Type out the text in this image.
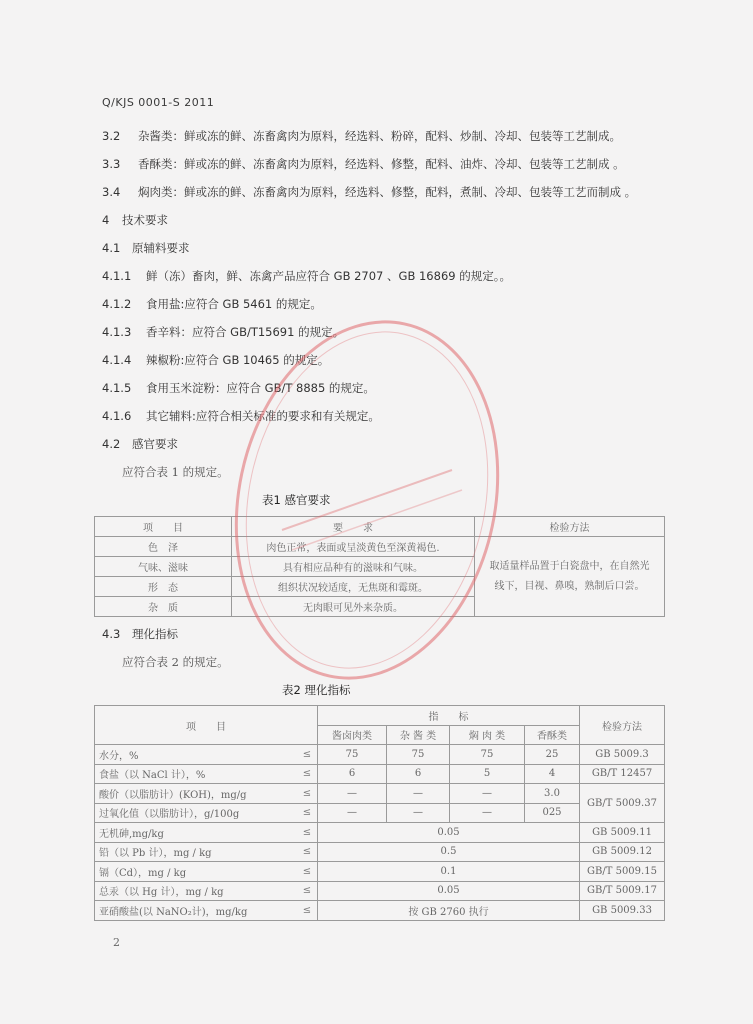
Q/KJS 0001-S 2011
3.2 杂酱类：鲜或冻的鲜、冻畜禽肉为原料，经选料、粉碎，配料、炒制、冷却、包装等工艺制成。
3.3 香酥类：鲜或冻的鲜、冻畜禽肉为原料，经选料、修整，配料、油炸、冷却、包装等工艺制成 。
3.4 焖肉类：鲜或冻的鲜、冻畜禽肉为原料，经选料、修整，配料，煮制、冷却、包装等工艺而制成 。
4 技术要求
4.1 原辅料要求
4.1.1 鲜（冻）畜肉，鲜、冻禽产品应符合 GB 2707 、GB 16869 的规定。。
4.1.2 食用盐:应符合 GB 5461 的规定。
4.1.3 香辛料：应符合 GB/T15691 的规定。
4.1.4 辣椒粉:应符合 GB 10465 的规定。
4.1.5 食用玉米淀粉：应符合 GB/T 8885 的规定。
4.1.6 其它辅料:应符合相关标准的要求和有关规定。
4.2 感官要求
应符合表 1 的规定。
表1 感官要求
项　　目	要　　求	检验方法
色　泽	肉色正常，表面或呈淡黄色至深黄褐色.	取适量样品置于白瓷盘中，在自然光线下，目视、鼻嗅，熟制后口尝。
气味、滋味	具有相应品种有的滋味和气味。	
形　态	组织状况较适度，无焦斑和霉斑。	
杂　质	无肉眼可见外来杂质。	
4.3 理化指标
应符合表 2 的规定。
表2 理化指标
项　　目		指　　标				检验方法
		酱卤肉类	杂 酱 类	焖 肉 类	香酥类	
水分，%	≤	75	75	75	25	GB 5009.3
食盐（以 NaCl 计），%	≤	6	6	5	4	GB/T 12457
酸价（以脂肪计）(KOH)，mg/g	≤	—	—	—	3.0	GB/T 5009.37
过氧化值（以脂肪计），g/100g	≤	—	—	—	025	
无机砷,mg/kg	≤	0.05				GB 5009.11
铅（以 Pb 计），mg / kg	≤	0.5				GB 5009.12
镉（Cd），mg / kg	≤	0.1				GB/T 5009.15
总汞（以 Hg 计），mg / kg	≤	0.05				GB/T 5009.17
亚硝酸盐(以 NaNO₂计)，mg/kg	≤	按 GB 2760 执行				GB 5009.33
2
